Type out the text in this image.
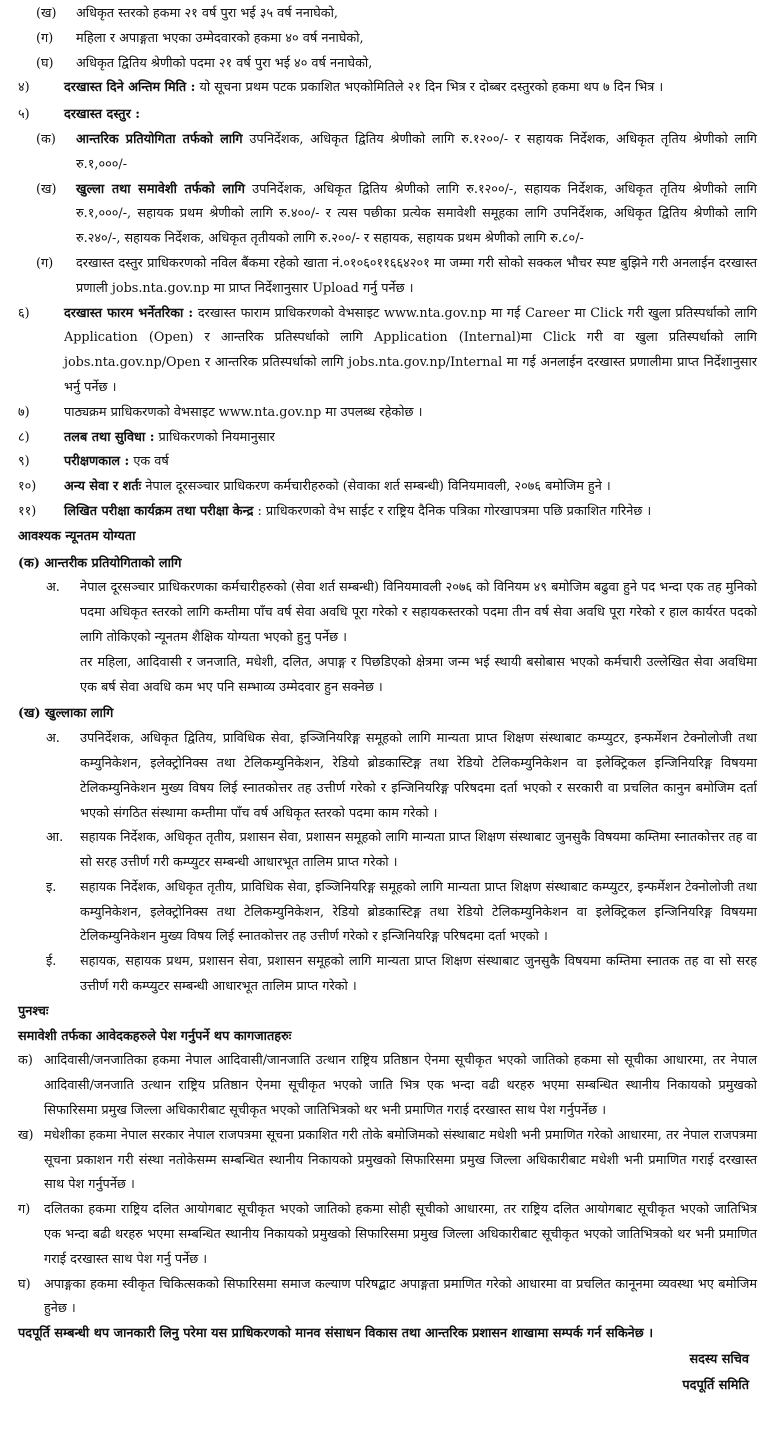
(ख)	अधिकृत स्तरको हकमा २१ वर्ष पुरा भई ३५ वर्ष ननाघेको,
(ग)	महिला र अपाङ्गता भएका उम्मेदवारको हकमा ४० वर्ष ननाघेको,
(घ)	अधिकृत द्वितिय श्रेणीको पदमा २१ वर्ष पुरा भई ४० वर्ष ननाघेको,
४)	दरखास्त दिने अन्तिम मिति : यो सूचना प्रथम पटक प्रकाशित भएकोमितिले २१ दिन भित्र र दोब्बर दस्तुरको हकमा थप ७ दिन भित्र ।
५)	दरखास्त दस्तुर :
(क)	आन्तरिक प्रतियोगिता तर्फको लागि उपनिर्देशक, अधिकृत द्वितिय श्रेणीको लागि रु.१२००/- र सहायक निर्देशक, अधिकृत तृतिय श्रेणीको लागि रु.१,०००/-
(ख)	खुल्ला तथा समावेशी तर्फको लागि उपनिर्देशक, अधिकृत द्वितिय श्रेणीको लागि रु.१२००/-, सहायक निर्देशक, अधिकृत तृतिय श्रेणीको लागि रु.१,०००/-, सहायक प्रथम श्रेणीको लागि रु.४००/- र त्यस पछीका प्रत्येक समावेशी समूहका लागि उपनिर्देशक, अधिकृत द्वितिय श्रेणीको लागि रु.२४०/-, सहायक निर्देशक, अधिकृत तृतीयको लागि रु.२००/- र सहायक, सहायक प्रथम श्रेणीको लागि रु.८०/-
(ग)	दरखास्त दस्तुर प्राधिकरणको नविल बैंकमा रहेको खाता नं.०१०६०११६६४२०१ मा जम्मा गरी सोको सक्कल भौचर स्पष्ट बुझिने गरी अनलाईन दरखास्त प्रणाली jobs.nta.gov.np मा प्राप्त निर्देशानुसार Upload गर्नु पर्नेछ ।
६)	दरखास्त फारम भर्नेतरिका : दरखास्त फाराम प्राधिकरणको वेभसाइट www.nta.gov.np मा गई Career मा Click गरी खुला प्रतिस्पर्धाको लागि Application (Open) र आन्तरिक प्रतिस्पर्धाको लागि Application (Internal)मा Click गरी वा खुला प्रतिस्पर्धाको लागि jobs.nta.gov.np/Open र आन्तरिक प्रतिस्पर्धाको लागि jobs.nta.gov.np/Internal मा गई अनलाईन दरखास्त प्रणालीमा प्राप्त निर्देशानुसार भर्नु पर्नेछ ।
७)	पाठ्यक्रम प्राधिकरणको वेभसाइट www.nta.gov.np मा उपलब्ध रहेकोछ ।
८)	तलब तथा सुविधा : प्राधिकरणको नियमानुसार
९)	परीक्षणकाल : एक वर्ष
१०)	अन्य सेवा र शर्तः नेपाल दूरसञ्चार प्राधिकरण कर्मचारीहरुको (सेवाका शर्त सम्बन्धी) विनियमावली, २०७६ बमोजिम हुने ।
११)	लिखित परीक्षा कार्यक्रम तथा परीक्षा केन्द्र : प्राधिकरणको वेभ साईट र राष्ट्रिय दैनिक पत्रिका गोरखापत्रमा पछि प्रकाशित गरिनेछ ।
आवश्यक न्यूनतम योग्यता
(क) आन्तरीक प्रतियोगिताको लागि
अ.	नेपाल दूरसञ्चार प्राधिकरणका कर्मचारीहरुको (सेवा शर्त सम्बन्धी) विनियमावली २०७६ को विनियम ४९ बमोजिम बढुवा हुने पद भन्दा एक तह मुनिको पदमा अधिकृत स्तरको लागि कम्तीमा पाँच वर्ष सेवा अवधि पूरा गरेको र सहायकस्तरको पदमा तीन वर्ष सेवा अवधि पूरा गरेको र हाल कार्यरत पदको लागि तोकिएको न्यूनतम शैक्षिक योग्यता भएको हुनु पर्नेछ ।
तर महिला, आदिवासी र जनजाति, मधेशी, दलित, अपाङ्ग र पिछडिएको क्षेत्रमा जन्म भई स्थायी बसोबास भएको कर्मचारी उल्लेखित सेवा अवधिमा एक बर्ष सेवा अवधि कम भए पनि सम्भाव्य उम्मेदवार हुन सक्नेछ ।
(ख) खुल्लाका लागि
अ.	उपनिर्देशक, अधिकृत द्वितिय, प्राविधिक सेवा, इञ्जिनियरिङ्ग समूहको लागि मान्यता प्राप्त शिक्षण संस्थाबाट कम्प्युटर, इन्फर्मेशन टेक्नोलोजी तथा कम्युनिकेशन, इलेक्ट्रोनिक्स तथा टेलिकम्युनिकेशन, रेडियो ब्रोडकास्टिङ्ग तथा रेडियो टेलिकम्युनिकेशन वा इलेक्ट्रिकल इन्जिनियरिङ्ग विषयमा टेलिकम्युनिकेशन मुख्य विषय लिई स्नातकोत्तर तह उत्तीर्ण गरेको र इन्जिनियरिङ्ग परिषदमा दर्ता भएको र सरकारी वा प्रचलित कानुन बमोजिम दर्ता भएको संगठित संस्थामा कम्तीमा पाँच वर्ष अधिकृत स्तरको पदमा काम गरेको ।
आ.	सहायक निर्देशक, अधिकृत तृतीय, प्रशासन सेवा, प्रशासन समूहको लागि मान्यता प्राप्त शिक्षण संस्थाबाट जुनसुकै विषयमा कम्तिमा स्नातकोत्तर तह वा सो सरह उत्तीर्ण गरी कम्प्युटर सम्बन्धी आधारभूत तालिम प्राप्त गरेको ।
इ.	सहायक निर्देशक, अधिकृत तृतीय, प्राविधिक सेवा, इञ्जिनियरिङ्ग समूहको लागि मान्यता प्राप्त शिक्षण संस्थाबाट कम्प्युटर, इन्फर्मेशन टेक्नोलोजी तथा कम्युनिकेशन, इलेक्ट्रोनिक्स तथा टेलिकम्युनिकेशन, रेडियो ब्रोडकास्टिङ्ग तथा रेडियो टेलिकम्युनिकेशन वा इलेक्ट्रिकल इन्जिनियरिङ्ग विषयमा टेलिकम्युनिकेशन मुख्य विषय लिई स्नातकोत्तर तह उत्तीर्ण गरेको र इन्जिनियरिङ्ग परिषदमा दर्ता भएको ।
ई.	सहायक, सहायक प्रथम, प्रशासन सेवा, प्रशासन समूहको लागि मान्यता प्राप्त शिक्षण संस्थाबाट जुनसुकै विषयमा कम्तिमा स्नातक तह वा सो सरह उत्तीर्ण गरी कम्प्युटर सम्बन्धी आधारभूत तालिम प्राप्त गरेको ।
पुनश्चः
समावेशी तर्फका आवेदकहरुले पेश गर्नुपर्ने थप कागजातहरुः
क) आदिवासी/जनजातिका हकमा नेपाल आदिवासी/जानजाति उत्थान राष्ट्रिय प्रतिष्ठान ऐनमा सूचीकृत भएको जातिको हकमा सो सूचीका आधारमा, तर नेपाल आदिवासी/जनजाति उत्थान राष्ट्रिय प्रतिष्ठान ऐनमा सूचीकृत भएको जाति भित्र एक भन्दा वढी थरहरु भएमा सम्बन्धित स्थानीय निकायको प्रमुखको सिफारिसमा प्रमुख जिल्ला अधिकारीबाट सूचीकृत भएको जातिभित्रको थर भनी प्रमाणित गराई दरखास्त साथ पेश गर्नुपर्नेछ ।
ख) मधेशीका हकमा नेपाल सरकार नेपाल राजपत्रमा सूचना प्रकाशित गरी तोके बमोजिमको संस्थाबाट मधेशी भनी प्रमाणित गरेको आधारमा, तर नेपाल राजपत्रमा सूचना प्रकाशन गरी संस्था नतोकेसम्म सम्बन्धित स्थानीय निकायको प्रमुखको सिफारिसमा प्रमुख जिल्ला अधिकारीबाट मधेशी भनी प्रमाणित गराई दरखास्त साथ पेश गर्नुपर्नेछ ।
ग)	दलितका हकमा राष्ट्रिय दलित आयोगबाट सूचीकृत भएको जातिको हकमा सोही सूचीको आधारमा, तर राष्ट्रिय दलित आयोगबाट सूचीकृत भएको जातिभित्र एक भन्दा बढी थरहरु भएमा सम्बन्धित स्थानीय निकायको प्रमुखको सिफारिसमा प्रमुख जिल्ला अधिकारीबाट सूचीकृत भएको जातिभित्रको थर भनी प्रमाणित गराई दरखास्त साथ पेश गर्नु पर्नेछ ।
घ)	अपाङ्गका हकमा स्वीकृत चिकित्सकको सिफारिसमा समाज कल्याण परिषद्बाट अपाङ्गता प्रमाणित गरेको आधारमा वा प्रचलित कानूनमा व्यवस्था भए बमोजिम हुनेछ ।
पदपूर्ति सम्बन्धी थप जानकारी लिनु परेमा यस प्राधिकरणको मानव संसाधन विकास तथा आन्तरिक प्रशासन शाखामा सम्पर्क गर्न सकिनेछ ।
सदस्य सचिव
पदपूर्ति समिति
